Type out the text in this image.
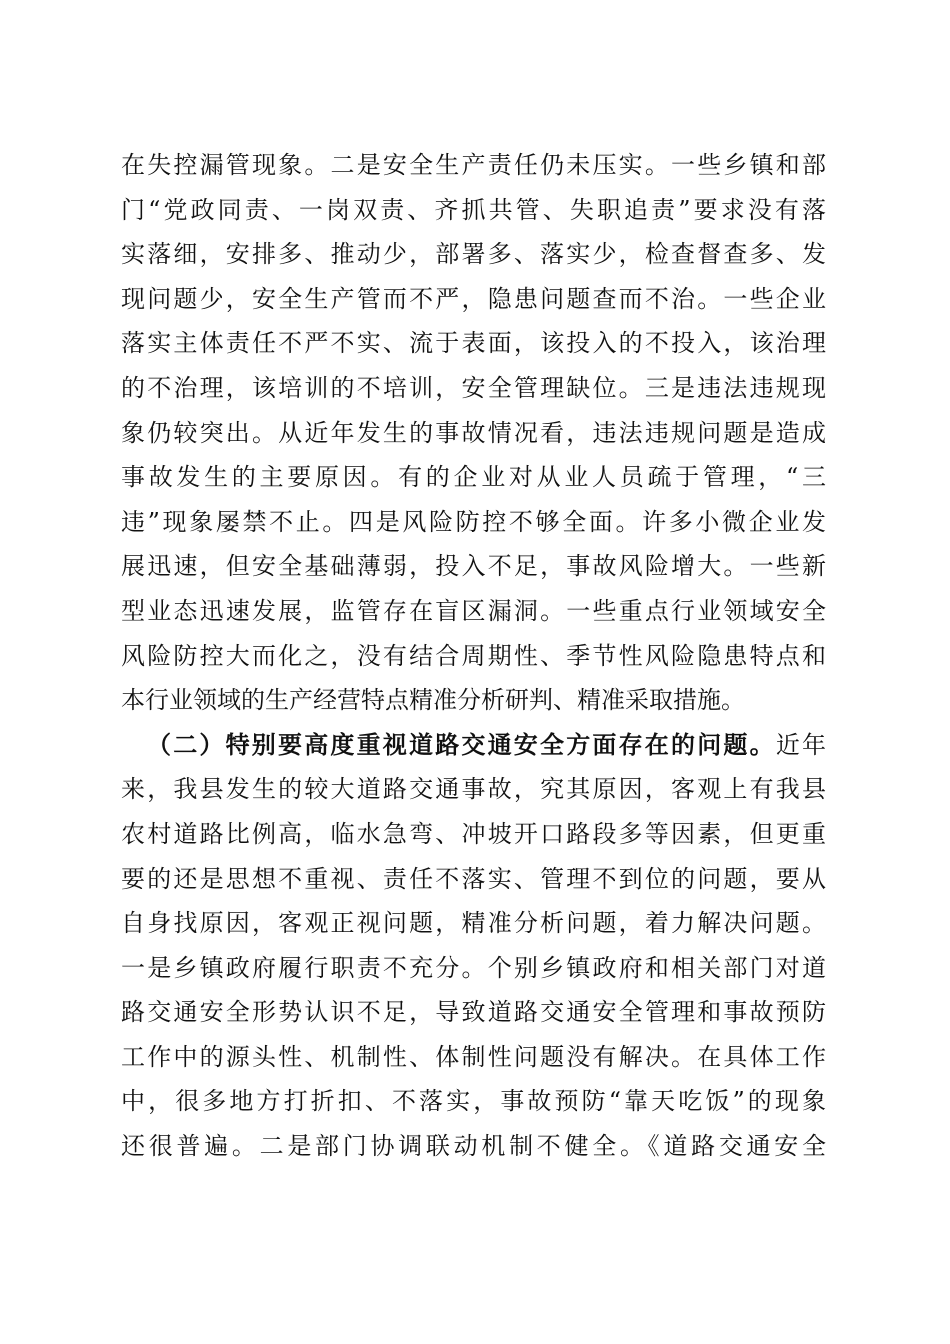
在失控漏管现象。二是安全生产责任仍未压实。一些乡镇和部
门“党政同责、一岗双责、齐抓共管、失职追责”要求没有落
实落细，安排多、推动少，部署多、落实少，检查督查多、发
现问题少，安全生产管而不严，隐患问题查而不治。一些企业
落实主体责任不严不实、流于表面，该投入的不投入，该治理
的不治理，该培训的不培训，安全管理缺位。三是违法违规现
象仍较突出。从近年发生的事故情况看，违法违规问题是造成
事故发生的主要原因。有的企业对从业人员疏于管理，“三
违”现象屡禁不止。四是风险防控不够全面。许多小微企业发
展迅速，但安全基础薄弱，投入不足，事故风险增大。一些新
型业态迅速发展，监管存在盲区漏洞。一些重点行业领域安全
风险防控大而化之，没有结合周期性、季节性风险隐患特点和
本行业领域的生产经营特点精准分析研判、精准采取措施。
（二）特别要高度重视道路交通安全方面存在的问题。近年
来，我县发生的较大道路交通事故，究其原因，客观上有我县
农村道路比例高，临水急弯、冲坡开口路段多等因素，但更重
要的还是思想不重视、责任不落实、管理不到位的问题，要从
自身找原因，客观正视问题，精准分析问题，着力解决问题。
一是乡镇政府履行职责不充分。个别乡镇政府和相关部门对道
路交通安全形势认识不足，导致道路交通安全管理和事故预防
工作中的源头性、机制性、体制性问题没有解决。在具体工作
中，很多地方打折扣、不落实，事故预防“靠天吃饭”的现象
还很普遍。二是部门协调联动机制不健全。《道路交通安全
